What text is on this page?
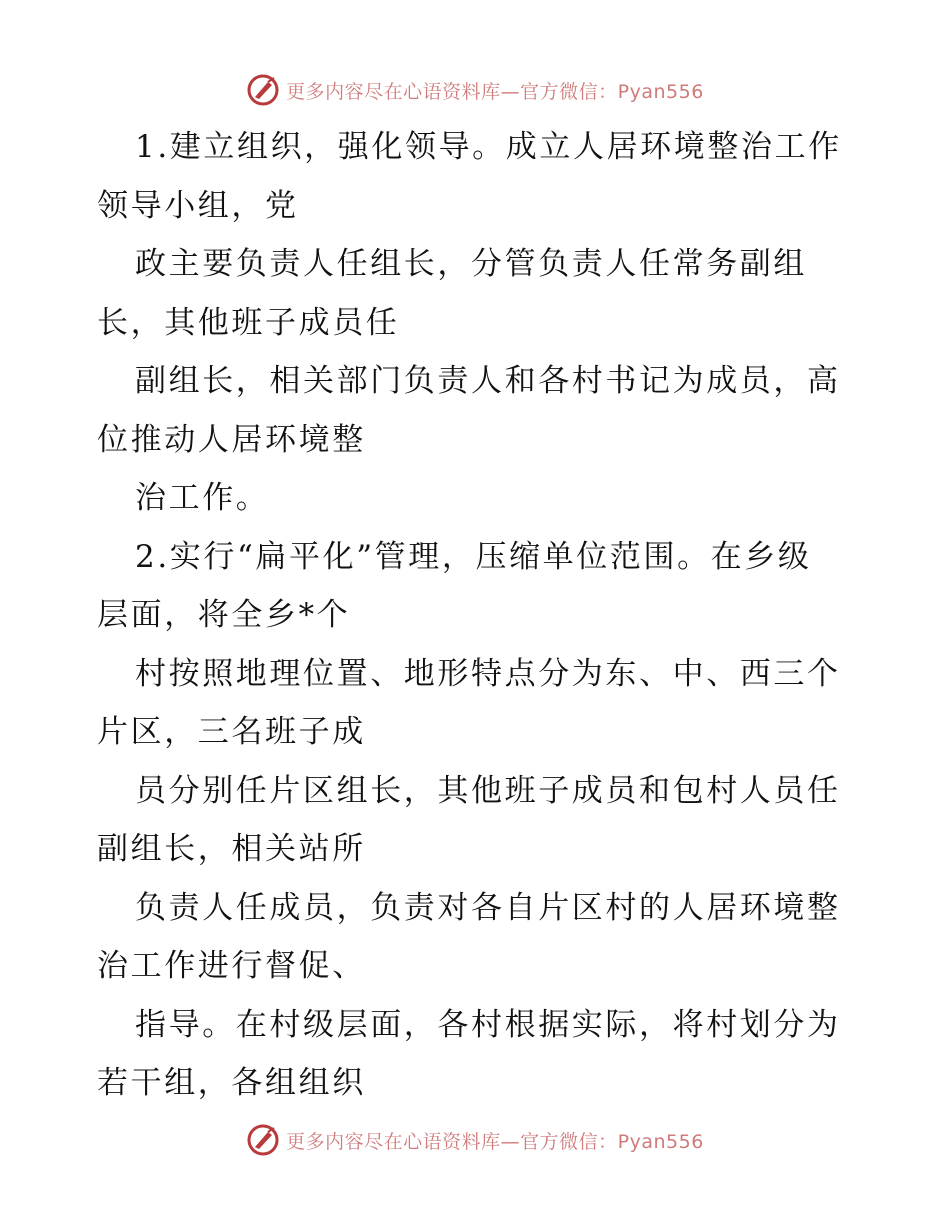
更多内容尽在心语资料库—官方微信：Pyan556
1.建立组织，强化领导。成立人居环境整治工作
领导小组，党
政主要负责人任组长，分管负责人任常务副组
长，其他班子成员任
副组长，相关部门负责人和各村书记为成员，高
位推动人居环境整
治工作。
2.实行“扁平化”管理，压缩单位范围。在乡级
层面，将全乡*个
村按照地理位置、地形特点分为东、中、西三个
片区，三名班子成
员分别任片区组长，其他班子成员和包村人员任
副组长，相关站所
负责人任成员，负责对各自片区村的人居环境整
治工作进行督促、
指导。在村级层面，各村根据实际，将村划分为
若干组，各组组织
更多内容尽在心语资料库—官方微信：Pyan556
